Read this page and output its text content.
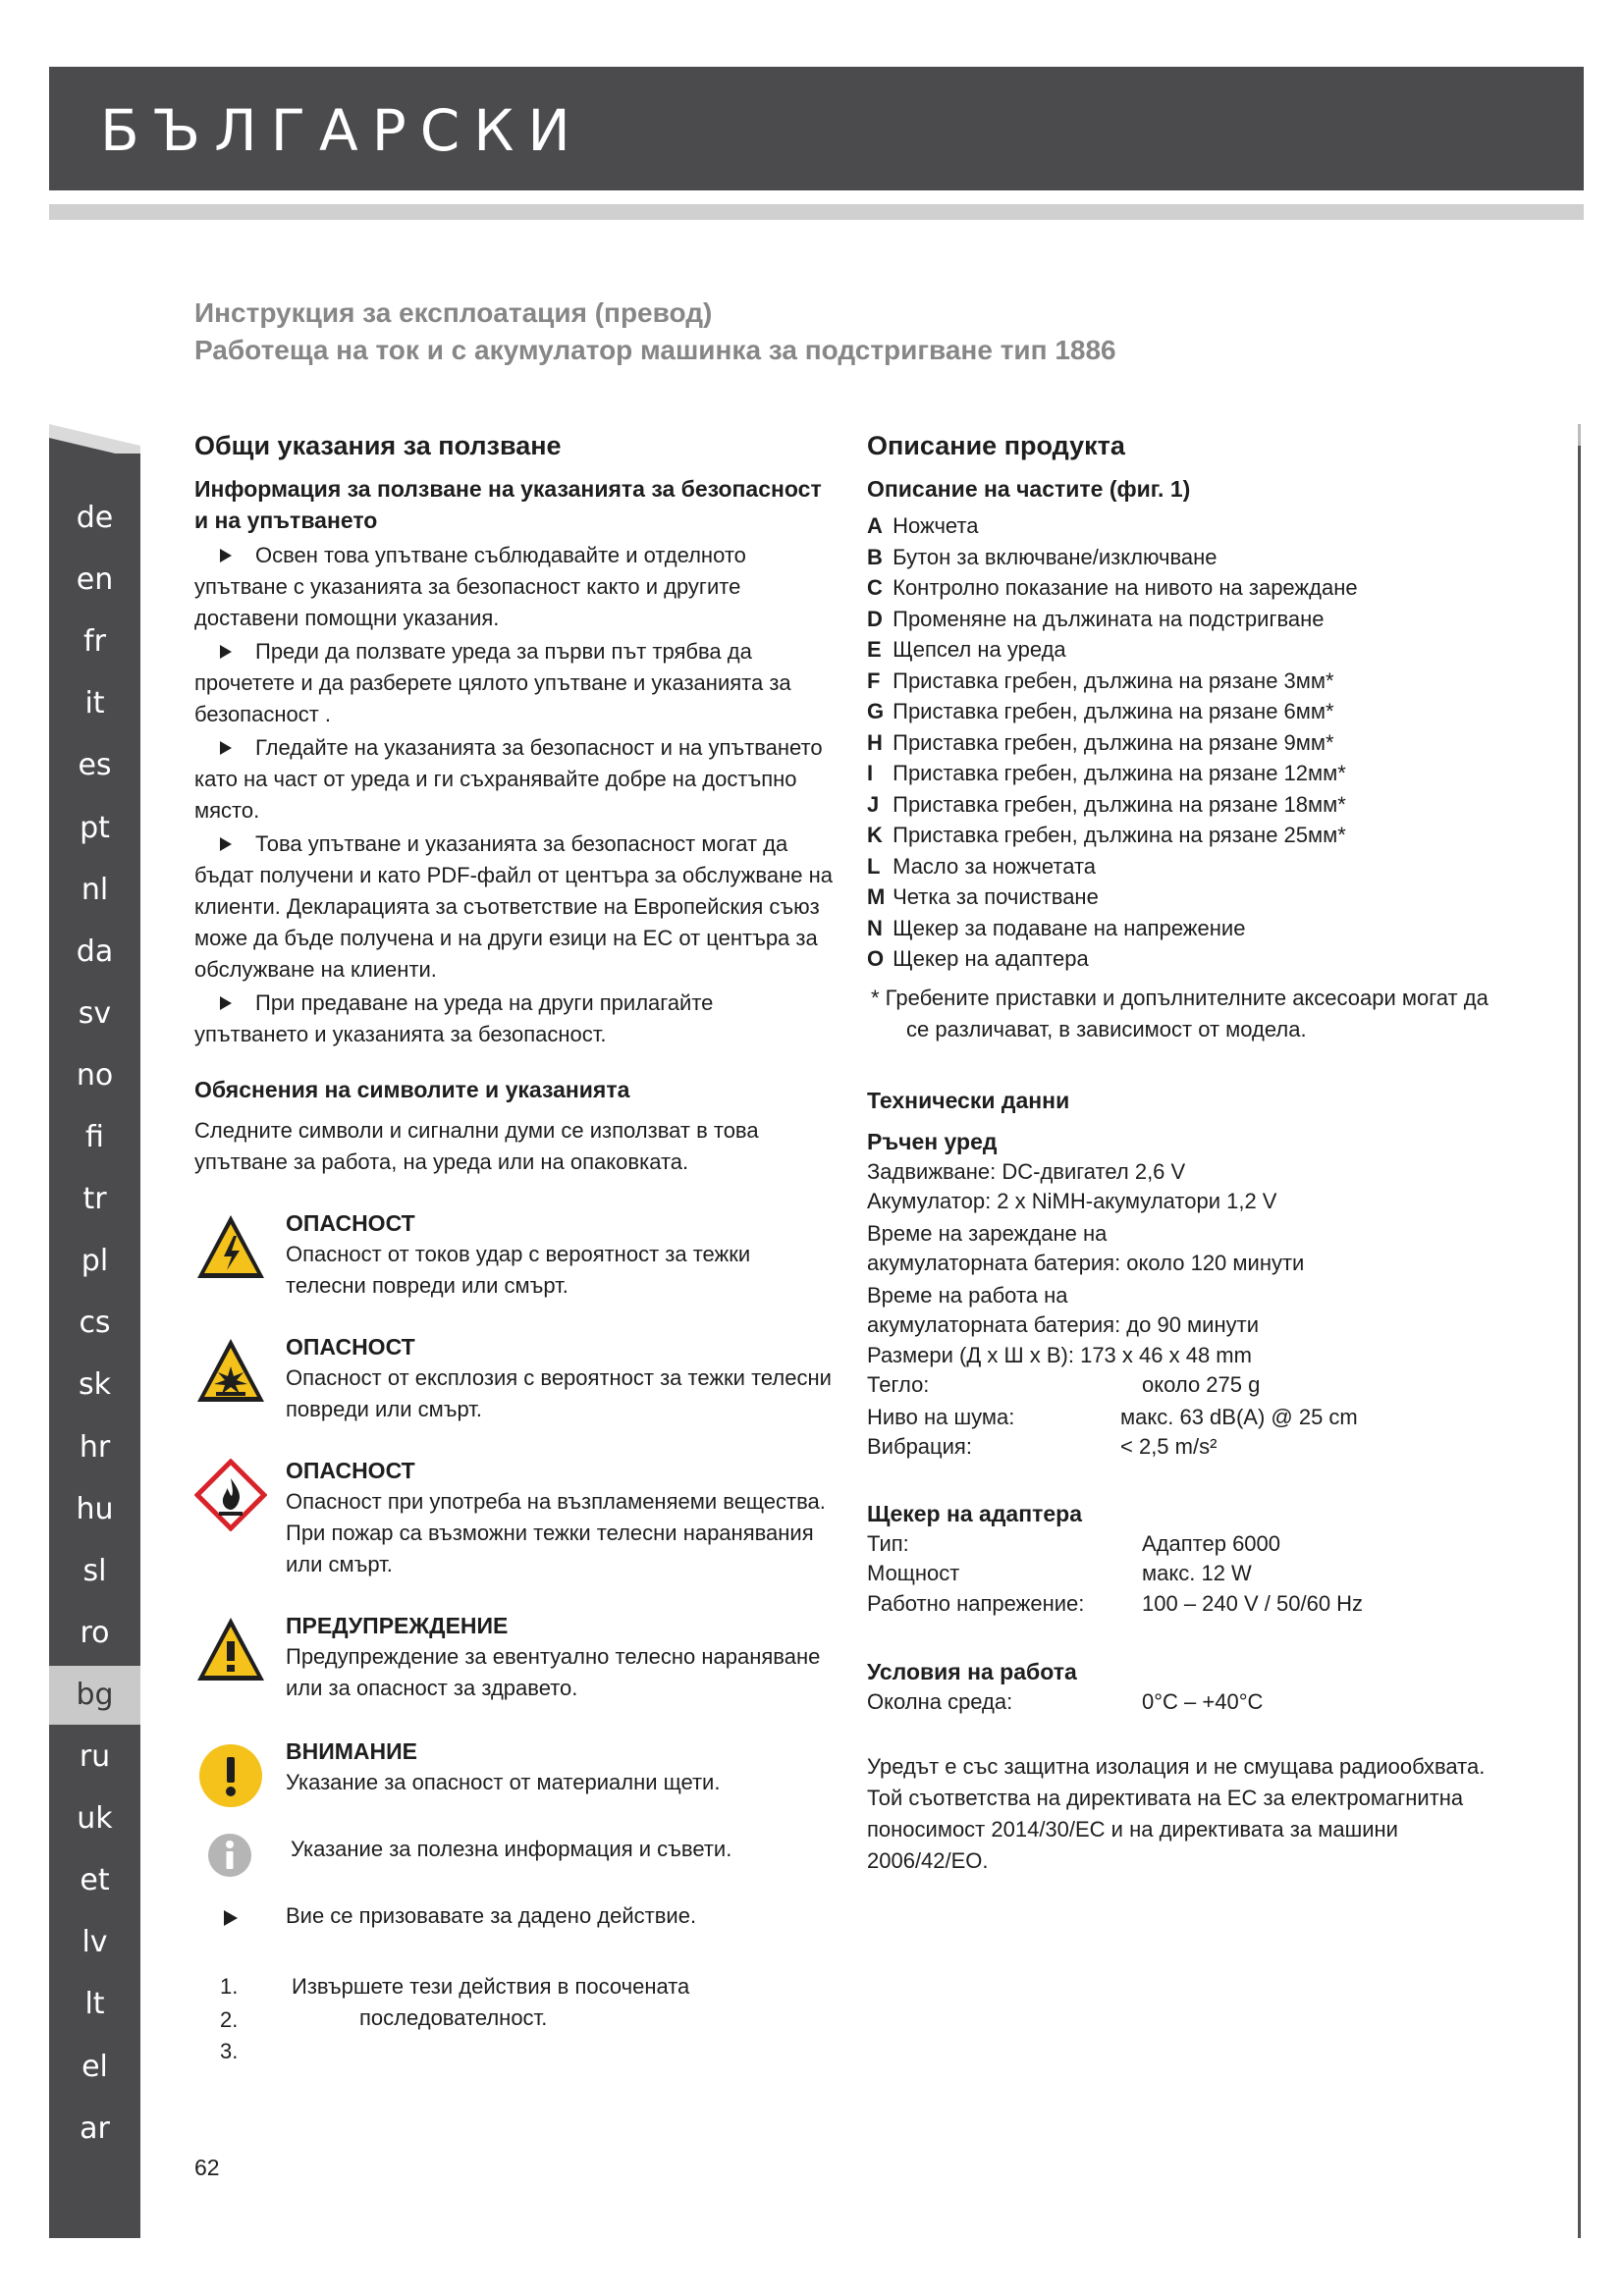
БЪЛГАРСКИ
Инструкция за експлоатация (превод)
Работеща на ток и с акумулатор машинка за подстригване тип 1886
de
en
fr
it
es
pt
nl
da
sv
no
fi
tr
pl
cs
sk
hr
hu
sl
ro
bg
ru
uk
et
lv
lt
el
ar
Общи указания за ползване
Информация за ползване на указанията за безопасност и на упътването
Освен това упътване съблюдавайте и отделното упътване с указанията за безопасност както и другите доставени помощни указания.
Преди да ползвате уреда за първи път трябва да прочетете и да разберете цялото упътване и указанията за безопасност .
Гледайте на указанията за безопасност и на упътването като на част от уреда и ги съхранявайте добре на достъпно място.
Това упътване и указанията за безопасност могат да бъдат получени и като PDF-файл от центъра за обслужване на клиенти. Декларацията за съответствие на Европейския съюз може да бъде получена и на други езици на ЕС от центъра за обслужване на клиенти.
При предаване на уреда на други прилагайте упътването и указанията за безопасност.
Обяснения на символите и указанията

Следните символи и сигнални думи се използват в това упътване за работа, на уреда или на опаковката.

ОПАСНОСТ
Опасност от токов удар с вероятност за тежки телесни повреди или смърт.
ОПАСНОСТ
Опасност от експлозия с вероятност за тежки телесни повреди или смърт.
ОПАСНОСТ
Опасност при употреба на възпламеняеми вещества. При пожар са възможни тежки телесни наранявания или смърт.
ПРЕДУПРЕЖДЕНИЕ
Предупреждение за евентуално телесно нараняване или за опасност за здравето.
ВНИМАНИЕ
Указание за опасност от материални щети.
Указание за полезна информация и съвети.
Вие се призовавате за дадено действие.
1.
2.
3.
Извършете тези действия в посочената
последователност.
Описание продукта
Описание на частите (фиг. 1)
A Ножчета
B Бутон за включване/изключване
C Контролно показание на нивото на зареждане
D Променяне на дължината на подстригване
E Щепсел на уреда
F Приставка гребен, дължина на рязане 3мм*
G Приставка гребен, дължина на рязане 6мм*
H Приставка гребен, дължина на рязане 9мм*
I Приставка гребен, дължина на рязане 12мм*
J Приставка гребен, дължина на рязане 18мм*
K Приставка гребен, дължина на рязане 25мм*
L Масло за ножчетата
M Четка за почистване
N Щекер за подаване на напрежение
O Щекер на адаптера
* Гребените приставки и допълнителните аксесоари могат да се различават, в зависимост от модела.
Технически данни
Ръчен уред
Задвижване: DC-двигател 2,6 V
Акумулатор: 2 x NiMH-акумулатори 1,2 V
Време на зареждане на
акумулаторната батерия: около 120 минути
Време на работа на
акумулаторната батерия: до 90 минути
Размери (Д x Ш x В): 173 x 46 x 48 mm
Тегло:	около 275 g
Ниво на шума:	макс. 63 dB(A) @ 25 cm
Вибрация:	< 2,5 m/s²
Щекер на адаптера
Тип:	Адаптер 6000
Мощност	макс. 12 W
Работно напрежение:	100 – 240 V / 50/60 Hz
Условия на работа
Околна среда:	0°C – +40°C

Уредът е със защитна изолация и не смущава радиообхвата. Той съответства на директивата на ЕС за електромагнитна поносимост 2014/30/EC и на директивата за машини 2006/42/EO.

62
